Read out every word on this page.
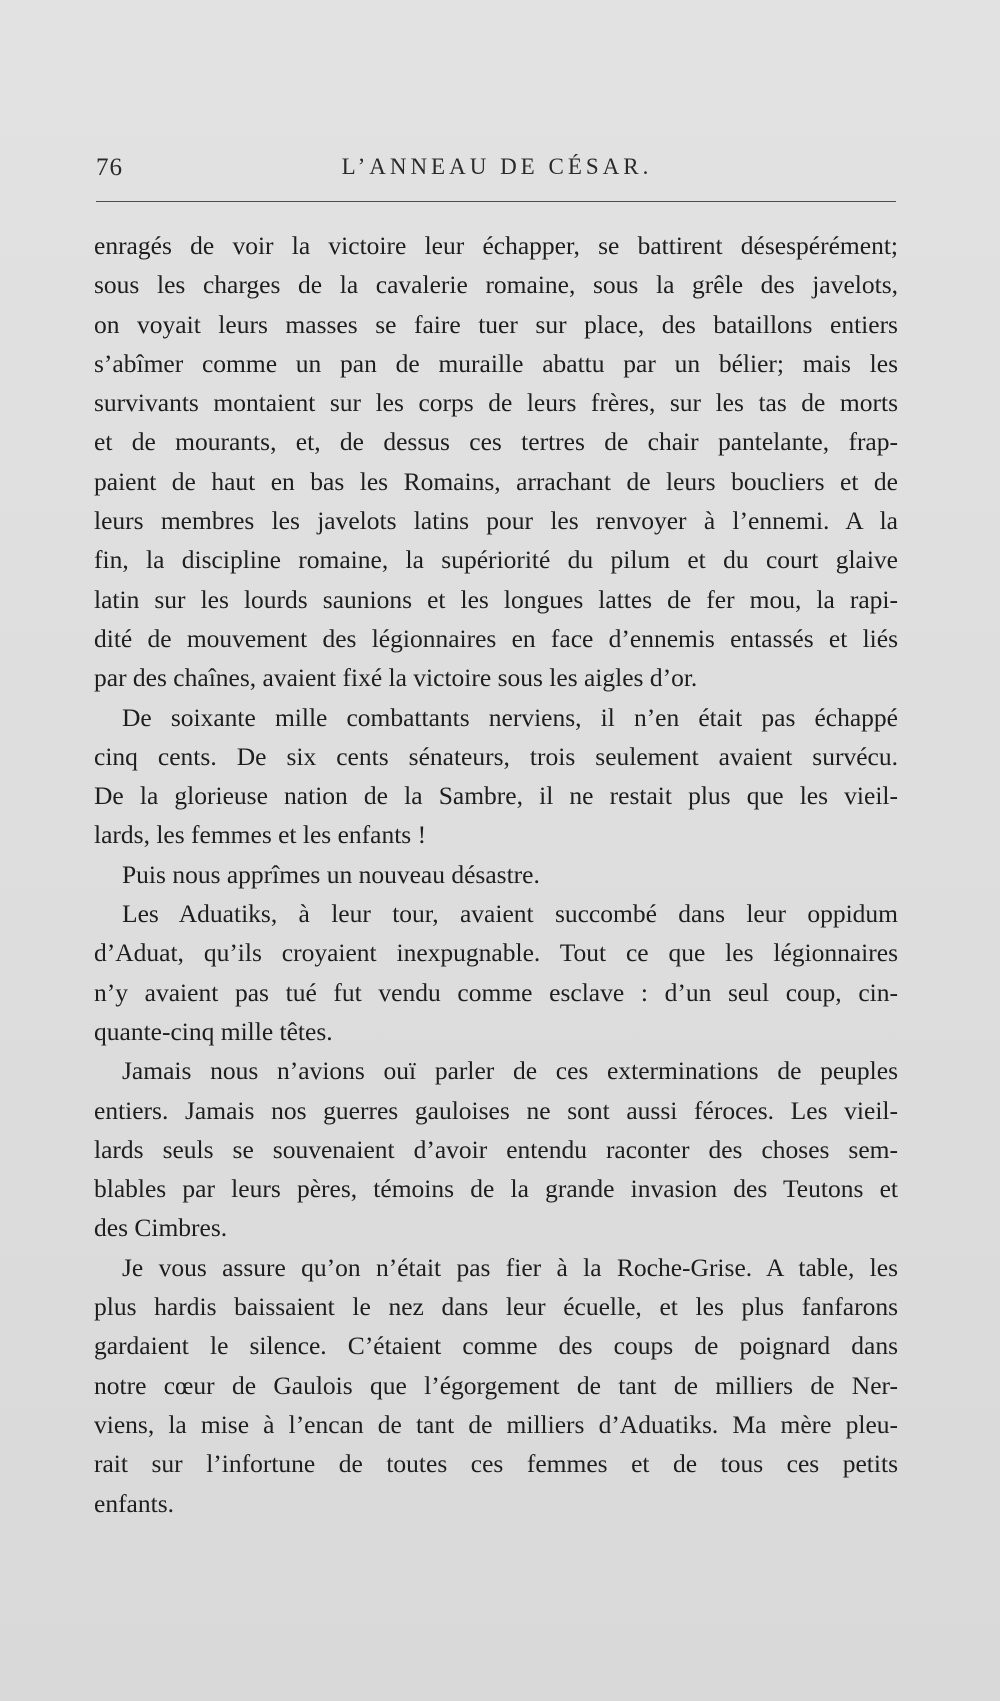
76	L’ANNEAU DE CÉSAR.
enragés de voir la victoire leur échapper, se battirent désespérément;
sous les charges de la cavalerie romaine, sous la grêle des javelots,
on voyait leurs masses se faire tuer sur place, des bataillons entiers
s’abîmer comme un pan de muraille abattu par un bélier; mais les
survivants montaient sur les corps de leurs frères, sur les tas de morts
et de mourants, et, de dessus ces tertres de chair pantelante, frap-
paient de haut en bas les Romains, arrachant de leurs boucliers et de
leurs membres les javelots latins pour les renvoyer à l’ennemi. A la
fin, la discipline romaine, la supériorité du pilum et du court glaive
latin sur les lourds saunions et les longues lattes de fer mou, la rapi-
dité de mouvement des légionnaires en face d’ennemis entassés et liés
par des chaînes, avaient fixé la victoire sous les aigles d’or.
De soixante mille combattants nerviens, il n’en était pas échappé
cinq cents. De six cents sénateurs, trois seulement avaient survécu.
De la glorieuse nation de la Sambre, il ne restait plus que les vieil-
lards, les femmes et les enfants !
Puis nous apprîmes un nouveau désastre.
Les Aduatiks, à leur tour, avaient succombé dans leur oppidum
d’Aduat, qu’ils croyaient inexpugnable. Tout ce que les légionnaires
n’y avaient pas tué fut vendu comme esclave : d’un seul coup, cin-
quante-cinq mille têtes.
Jamais nous n’avions ouï parler de ces exterminations de peuples
entiers. Jamais nos guerres gauloises ne sont aussi féroces. Les vieil-
lards seuls se souvenaient d’avoir entendu raconter des choses sem-
blables par leurs pères, témoins de la grande invasion des Teutons et
des Cimbres.
Je vous assure qu’on n’était pas fier à la Roche-Grise. A table, les
plus hardis baissaient le nez dans leur écuelle, et les plus fanfarons
gardaient le silence. C’étaient comme des coups de poignard dans
notre cœur de Gaulois que l’égorgement de tant de milliers de Ner-
viens, la mise à l’encan de tant de milliers d’Aduatiks. Ma mère pleu-
rait sur l’infortune de toutes ces femmes et de tous ces petits
enfants.
